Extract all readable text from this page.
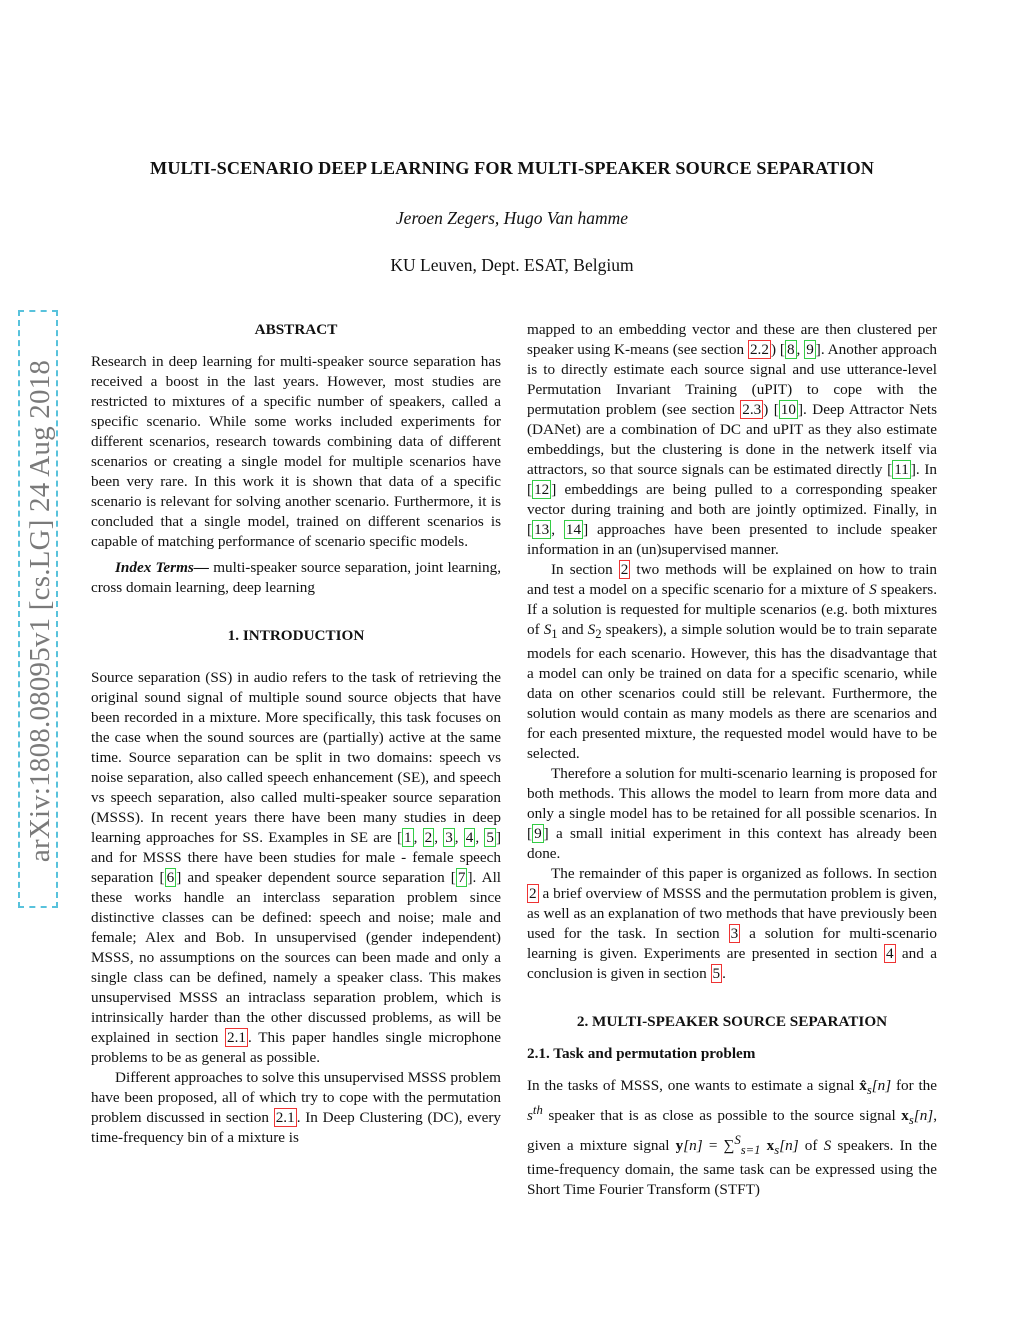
arXiv:1808.08095v1 [cs.LG] 24 Aug 2018
MULTI-SCENARIO DEEP LEARNING FOR MULTI-SPEAKER SOURCE SEPARATION
Jeroen Zegers, Hugo Van hamme
KU Leuven, Dept. ESAT, Belgium
ABSTRACT

Research in deep learning for multi-speaker source separation has received a boost in the last years. However, most studies are restricted to mixtures of a specific number of speakers, called a specific scenario. While some works included experiments for different scenarios, research towards combining data of different scenarios or creating a single model for multiple scenarios have been very rare. In this work it is shown that data of a specific scenario is relevant for solving another scenario. Furthermore, it is concluded that a single model, trained on different scenarios is capable of matching performance of scenario specific models.

Index Terms— multi-speaker source separation, joint learning, cross domain learning, deep learning

1. INTRODUCTION

Source separation (SS) in audio refers to the task of retrieving the original sound signal of multiple sound source objects that have been recorded in a mixture. More specifically, this task focuses on the case when the sound sources are (partially) active at the same time. Source separation can be split in two domains: speech vs noise separation, also called speech enhancement (SE), and speech vs speech separation, also called multi-speaker source separation (MSSS). In recent years there have been many studies in deep learning approaches for SS. Examples in SE are [ 1 , 2 , 3 , 4 , 5 ] and for MSSS there have been studies for male - female speech separation [ 6 ] and speaker dependent source separation [ 7 ]. All these works handle an interclass separation problem since distinctive classes can be defined: speech and noise; male and female; Alex and Bob. In unsupervised (gender independent) MSSS, no assumptions on the sources can been made and only a single class can be defined, namely a speaker class. This makes unsupervised MSSS an intraclass separation problem, which is intrinsically harder than the other discussed problems, as will be explained in section 2.1 . This paper handles single microphone problems to be as general as possible.

Different approaches to solve this unsupervised MSSS problem have been proposed, all of which try to cope with the permutation problem discussed in section 2.1 . In Deep Clustering (DC), every time-frequency bin of a mixture is

mapped to an embedding vector and these are then clustered per speaker using K-means (see section 2.2 ) [ 8 , 9 ]. Another approach is to directly estimate each source signal and use utterance-level Permutation Invariant Training (uPIT) to cope with the permutation problem (see section 2.3 ) [ 10 ]. Deep Attractor Nets (DANet) are a combination of DC and uPIT as they also estimate embeddings, but the clustering is done in the netwerk itself via attractors, so that source signals can be estimated directly [ 11 ]. In [ 12 ] embeddings are being pulled to a corresponding speaker vector during training and both are jointly optimized. Finally, in [ 13 , 14 ] approaches have been presented to include speaker information in an (un)supervised manner.

In section 2 two methods will be explained on how to train and test a model on a specific scenario for a mixture of S speakers. If a solution is requested for multiple scenarios (e.g. both mixtures of $S_1$ and $S_2$ speakers), a simple solution would be to train separate models for each scenario. However, this has the disadvantage that a model can only be trained on data for a specific scenario, while data on other scenarios could still be relevant. Furthermore, the solution would contain as many models as there are scenarios and for each presented mixture, the requested model would have to be selected.

Therefore a solution for multi-scenario learning is proposed for both methods. This allows the model to learn from more data and only a single model has to be retained for all possible scenarios. In [ 9 ] a small initial experiment in this context has already been done.

The remainder of this paper is organized as follows. In section 2 a brief overview of MSSS and the permutation problem is given, as well as an explanation of two methods that have previously been used for the task. In section 3 a solution for multi-scenario learning is given. Experiments are presented in section 4 and a conclusion is given in section 5 .

2. MULTI-SPEAKER SOURCE SEPARATION
2.1. Task and permutation problem

In the tasks of MSSS, one wants to estimate a signal $x̂_s[n]$ for the $s^{th}$ speaker that is as close as possible to the source signal $x_s[n]$, given a mixture signal y[n] = ∑$^S_{s=1}$ $x_s[n]$ of S speakers. In the time-frequency domain, the same task can be expressed using the Short Time Fourier Transform (STFT)
